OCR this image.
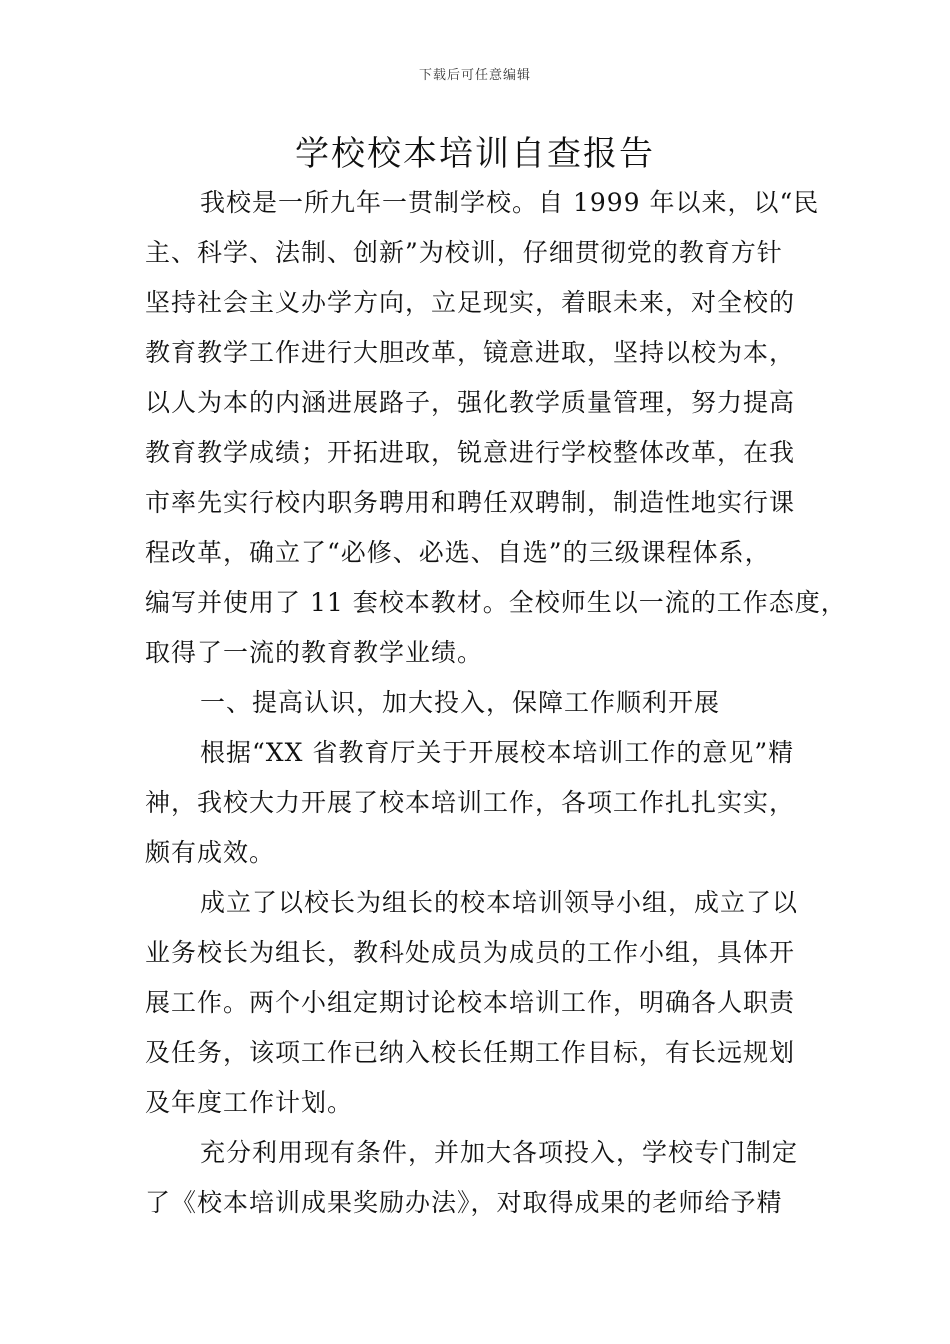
下载后可任意编辑
学校校本培训自查报告
我校是一所九年一贯制学校。自 1999 年以来，以“民
主、科学、法制、创新”为校训，仔细贯彻党的教育方针
坚持社会主义办学方向，立足现实，着眼未来，对全校的
教育教学工作进行大胆改革，镜意进取，坚持以校为本，
以人为本的内涵进展路子，强化教学质量管理，努力提高
教育教学成绩；开拓进取，锐意进行学校整体改革，在我
市率先实行校内职务聘用和聘任双聘制，制造性地实行课
程改革，确立了“必修、必选、自选”的三级课程体系，
编写并使用了 11 套校本教材。全校师生以一流的工作态度，
取得了一流的教育教学业绩。
一、提高认识，加大投入，保障工作顺利开展
根据“XX 省教育厅关于开展校本培训工作的意见”精
神，我校大力开展了校本培训工作，各项工作扎扎实实，
颇有成效。
成立了以校长为组长的校本培训领导小组，成立了以
业务校长为组长，教科处成员为成员的工作小组，具体开
展工作。两个小组定期讨论校本培训工作，明确各人职责
及任务，该项工作已纳入校长任期工作目标，有长远规划
及年度工作计划。
充分利用现有条件，并加大各项投入，学校专门制定
了《校本培训成果奖励办法》，对取得成果的老师给予精
